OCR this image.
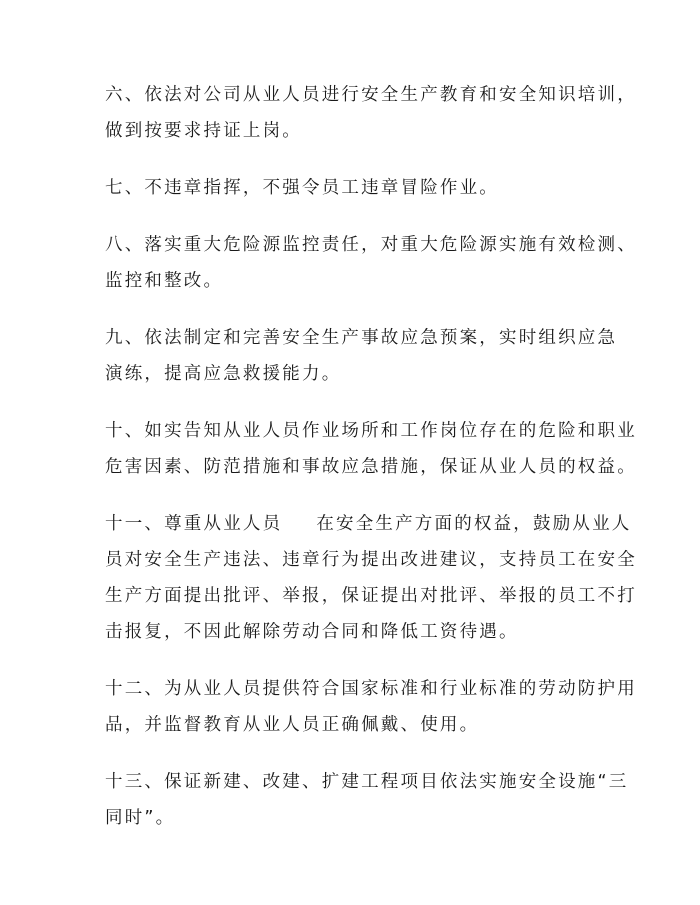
六、依法对公司从业人员进行安全生产教育和安全知识培训，
做到按要求持证上岗。

七、不违章指挥，不强令员工违章冒险作业。

八、落实重大危险源监控责任，对重大危险源实施有效检测、
监控和整改。

九、依法制定和完善安全生产事故应急预案，实时组织应急
演练，提高应急救援能力。

十、如实告知从业人员作业场所和工作岗位存在的危险和职业
危害因素、防范措施和事故应急措施，保证从业人员的权益。

十一、尊重从业人员 在安全生产方面的权益，鼓励从业人
员对安全生产违法、违章行为提出改进建议，支持员工在安全
生产方面提出批评、举报，保证提出对批评、举报的员工不打
击报复，不因此解除劳动合同和降低工资待遇。

十二、为从业人员提供符合国家标准和行业标准的劳动防护用
品，并监督教育从业人员正确佩戴、使用。

十三、保证新建、改建、扩建工程项目依法实施安全设施“三
同时”。
